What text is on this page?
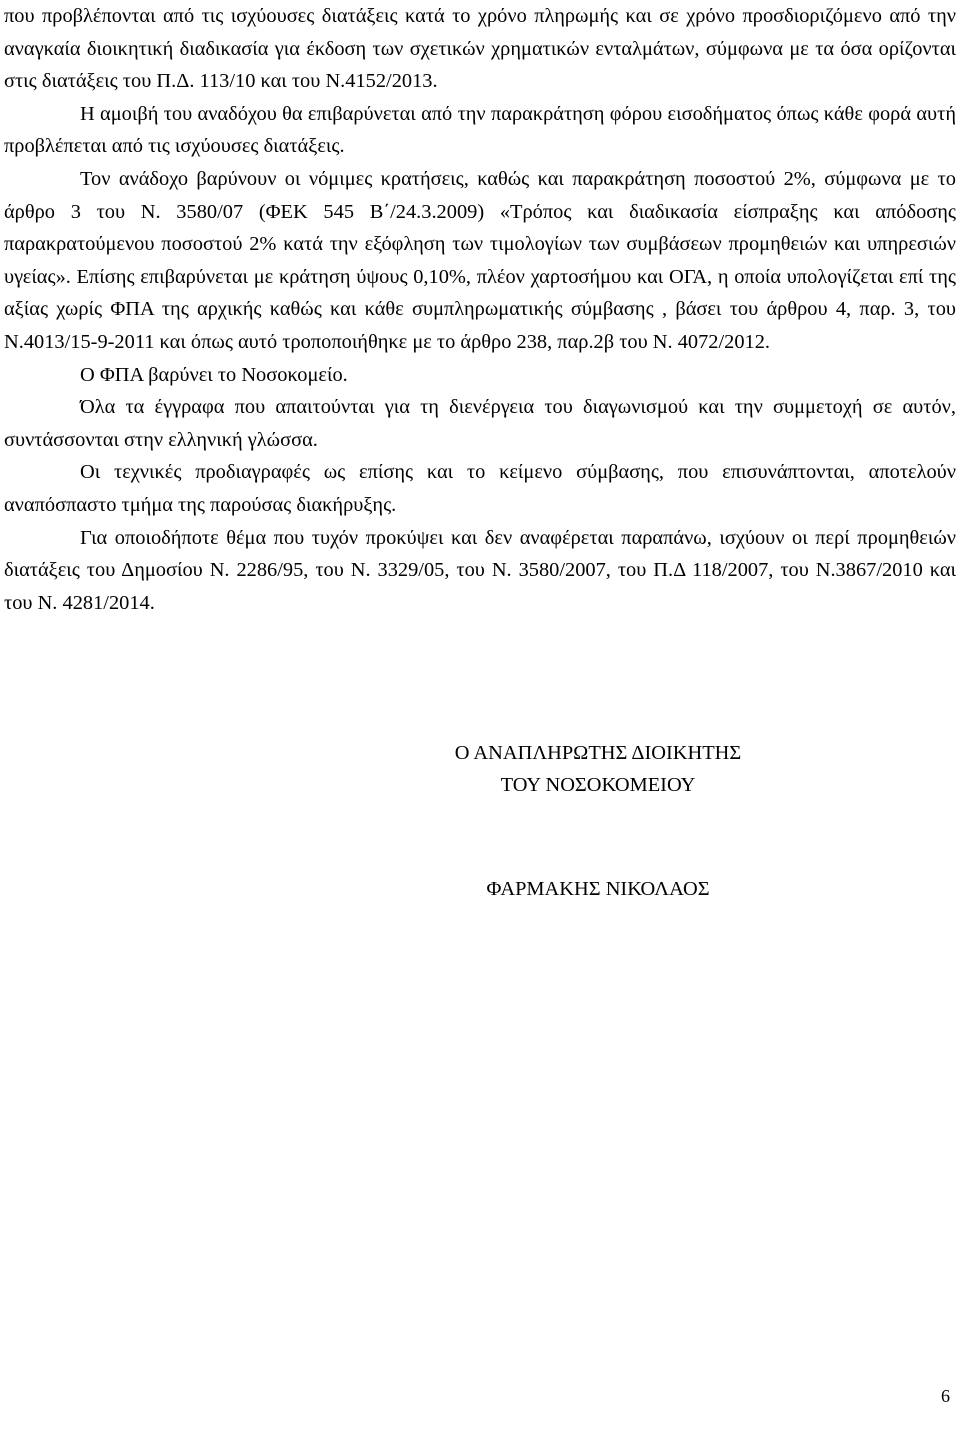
που προβλέπονται από τις ισχύουσες διατάξεις κατά το χρόνο πληρωμής και σε χρόνο προσδιοριζόμενο από την αναγκαία διοικητική διαδικασία για έκδοση των σχετικών χρηματικών ενταλμάτων, σύμφωνα με τα όσα ορίζονται στις διατάξεις του Π.Δ. 113/10 και του Ν.4152/2013.

Η αμοιβή του αναδόχου θα επιβαρύνεται από την παρακράτηση φόρου εισοδήματος όπως κάθε φορά αυτή προβλέπεται από τις ισχύουσες διατάξεις.

Τον ανάδοχο βαρύνουν οι νόμιμες κρατήσεις, καθώς και παρακράτηση ποσοστού 2%, σύμφωνα με το άρθρο 3 του Ν. 3580/07 (ΦΕΚ 545 Β΄/24.3.2009) «Τρόπος και διαδικασία είσπραξης και απόδοσης παρακρατούμενου ποσοστού 2% κατά την εξόφληση των τιμολογίων των συμβάσεων προμηθειών και υπηρεσιών υγείας». Επίσης επιβαρύνεται με κράτηση ύψους 0,10%, πλέον χαρτοσήμου και ΟΓΑ, η οποία υπολογίζεται επί της αξίας χωρίς ΦΠΑ της αρχικής καθώς και κάθε συμπληρωματικής σύμβασης , βάσει του άρθρου 4, παρ. 3, του Ν.4013/15-9-2011 και όπως αυτό τροποποιήθηκε με το άρθρο 238, παρ.2β του Ν. 4072/2012.

Ο ΦΠΑ βαρύνει το Νοσοκομείο.

Όλα τα έγγραφα που απαιτούνται για τη διενέργεια του διαγωνισμού και την συμμετοχή σε αυτόν, συντάσσονται στην ελληνική γλώσσα.

Οι τεχνικές προδιαγραφές ως επίσης και το κείμενο σύμβασης, που επισυνάπτονται, αποτελούν αναπόσπαστο τμήμα της παρούσας διακήρυξης.

Για οποιοδήποτε θέμα που τυχόν προκύψει και δεν αναφέρεται παραπάνω, ισχύουν οι περί προμηθειών διατάξεις του Δημοσίου Ν. 2286/95, του Ν. 3329/05, του Ν. 3580/2007, του Π.Δ 118/2007, του Ν.3867/2010 και του Ν. 4281/2014.

Ο ΑΝΑΠΛΗΡΩΤΗΣ ΔΙΟΙΚΗΤΗΣ
ΤΟΥ ΝΟΣΟΚΟΜΕΙΟΥ
ΦΑΡΜΑΚΗΣ ΝΙΚΟΛΑΟΣ
6
